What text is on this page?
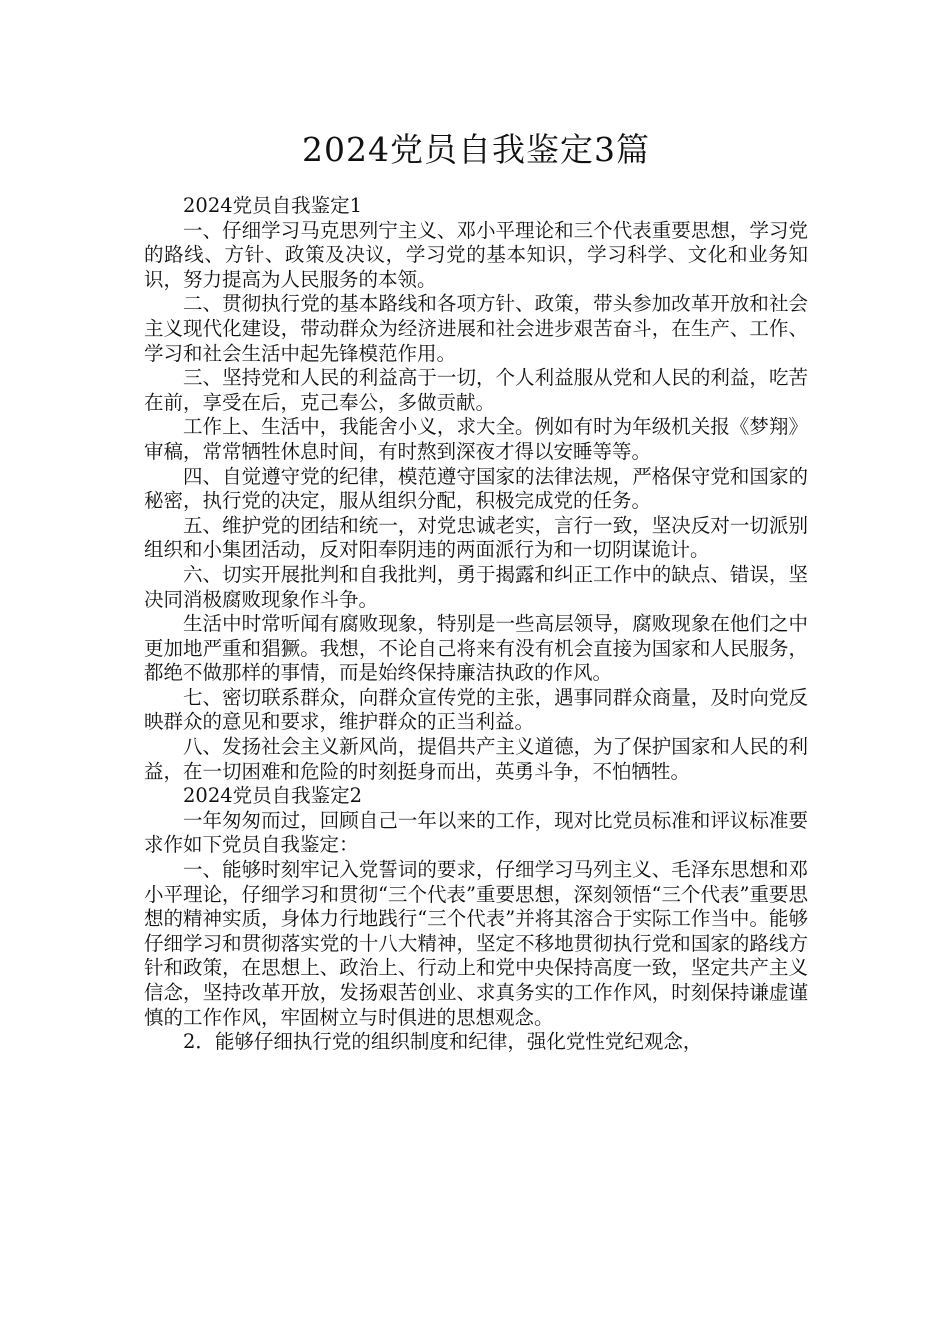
2024党员自我鉴定3篇

2024党员自我鉴定1

一、仔细学习马克思列宁主义、邓小平理论和三个代表重要思想，学习党的路线、方针、政策及决议，学习党的基本知识，学习科学、文化和业务知识，努力提高为人民服务的本领。

二、贯彻执行党的基本路线和各项方针、政策，带头参加改革开放和社会主义现代化建设，带动群众为经济进展和社会进步艰苦奋斗，在生产、工作、学习和社会生活中起先锋模范作用。

三、坚持党和人民的利益高于一切，个人利益服从党和人民的利益，吃苦在前，享受在后，克己奉公，多做贡献。

工作上、生活中，我能舍小义，求大全。例如有时为年级机关报《梦翔》审稿，常常牺牲休息时间，有时熬到深夜才得以安睡等等。

四、自觉遵守党的纪律，模范遵守国家的法律法规，严格保守党和国家的秘密，执行党的决定，服从组织分配，积极完成党的任务。

五、维护党的团结和统一，对党忠诚老实，言行一致，坚决反对一切派别组织和小集团活动，反对阳奉阴违的两面派行为和一切阴谋诡计。

六、切实开展批判和自我批判，勇于揭露和纠正工作中的缺点、错误，坚决同消极腐败现象作斗争。

生活中时常听闻有腐败现象，特别是一些高层领导，腐败现象在他们之中更加地严重和猖獗。我想，不论自己将来有没有机会直接为国家和人民服务，都绝不做那样的事情，而是始终保持廉洁执政的作风。

七、密切联系群众，向群众宣传党的主张，遇事同群众商量，及时向党反映群众的意见和要求，维护群众的正当利益。

八、发扬社会主义新风尚，提倡共产主义道德，为了保护国家和人民的利益，在一切困难和危险的时刻挺身而出，英勇斗争，不怕牺牲。

2024党员自我鉴定2

一年匆匆而过，回顾自己一年以来的工作，现对比党员标准和评议标准要求作如下党员自我鉴定：

一、能够时刻牢记入党誓词的要求，仔细学习马列主义、毛泽东思想和邓小平理论，仔细学习和贯彻“三个代表”重要思想，深刻领悟“三个代表”重要思想的精神实质，身体力行地践行“三个代表”并将其溶合于实际工作当中。能够仔细学习和贯彻落实党的十八大精神，坚定不移地贯彻执行党和国家的路线方针和政策，在思想上、政治上、行动上和党中央保持高度一致，坚定共产主义信念，坚持改革开放，发扬艰苦创业、求真务实的工作作风，时刻保持谦虚谨慎的工作作风，牢固树立与时俱进的思想观念。

2．能够仔细执行党的组织制度和纪律，强化党性党纪观念，
